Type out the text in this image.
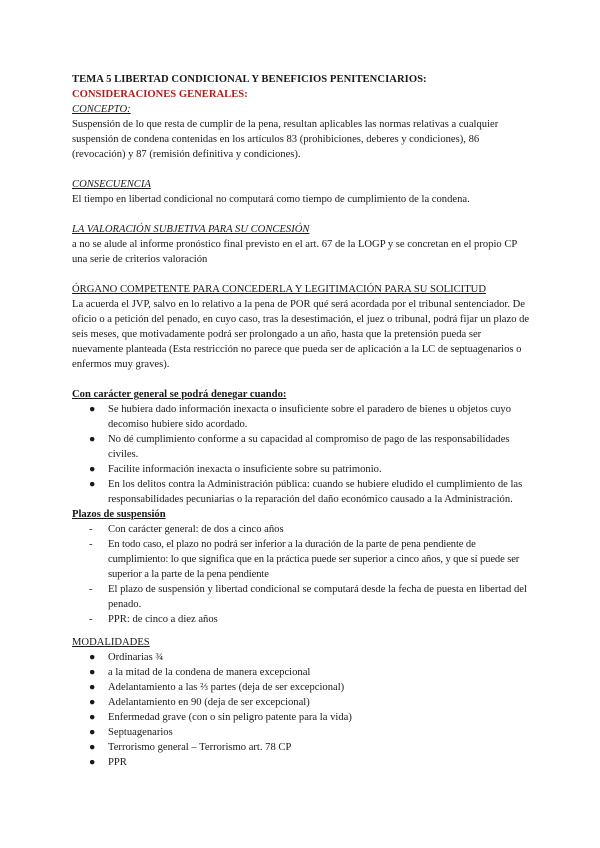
TEMA 5 LIBERTAD CONDICIONAL Y BENEFICIOS PENITENCIARIOS:

CONSIDERACIONES GENERALES:

CONCEPTO:

Suspensión de lo que resta de cumplir de la pena, resultan aplicables las normas relativas a cualquier suspensión de condena contenidas en los artículos 83 (prohibiciones, deberes y condiciones), 86 (revocación) y 87 (remisión definitiva y condiciones).

CONSECUENCIA

El tiempo en libertad condicional no computará como tiempo de cumplimiento de la condena.

LA VALORACIÓN SUBJETIVA PARA SU CONCESIÓN

a no se alude al informe pronóstico final previsto en el art. 67 de la LOGP y se concretan en el propio CP una serie de criterios valoración

ÓRGANO COMPETENTE PARA CONCEDERLA Y LEGITIMACIÓN PARA SU SOLICITUD

La acuerda el JVP, salvo en lo relativo a la pena de POR qué será acordada por el tribunal sentenciador. De oficio o a petición del penado, en cuyo caso, tras la desestimación, el juez o tribunal, podrá fijar un plazo de seis meses, que motivadamente podrá ser prolongado a un año, hasta que la pretensión pueda ser nuevamente planteada (Esta restricción no parece que pueda ser de aplicación a la LC de septuagenarios o enfermos muy graves).

Con carácter general se podrá denegar cuando:

● Se hubiera dado información inexacta o insuficiente sobre el paradero de bienes u objetos cuyo decomiso hubiere sido acordado.
● No dé cumplimiento conforme a su capacidad al compromiso de pago de las responsabilidades civiles.
● Facilite información inexacta o insuficiente sobre su patrimonio.
● En los delitos contra la Administración pública: cuando se hubiere eludido el cumplimiento de las responsabilidades pecuniarias o la reparación del daño económico causado a la Administración.

Plazos de suspensión

- Con carácter general: de dos a cinco años
- En todo caso, el plazo no podrá ser inferior a la duración de la parte de pena pendiente de cumplimiento: lo que significa que en la práctica puede ser superior a cinco años, y que sí puede ser superior a la parte de la pena pendiente
- El plazo de suspensión y libertad condicional se computará desde la fecha de puesta en libertad del penado.
- PPR: de cinco a diez años

MODALIDADES

● Ordinarias ¾
● a la mitad de la condena de manera excepcional
● Adelantamiento a las ⅔ partes (deja de ser excepcional)
● Adelantamiento en 90 (deja de ser excepcional)
● Enfermedad grave (con o sin peligro patente para la vida)
● Septuagenarios
● Terrorismo general – Terrorismo art. 78 CP
● PPR
